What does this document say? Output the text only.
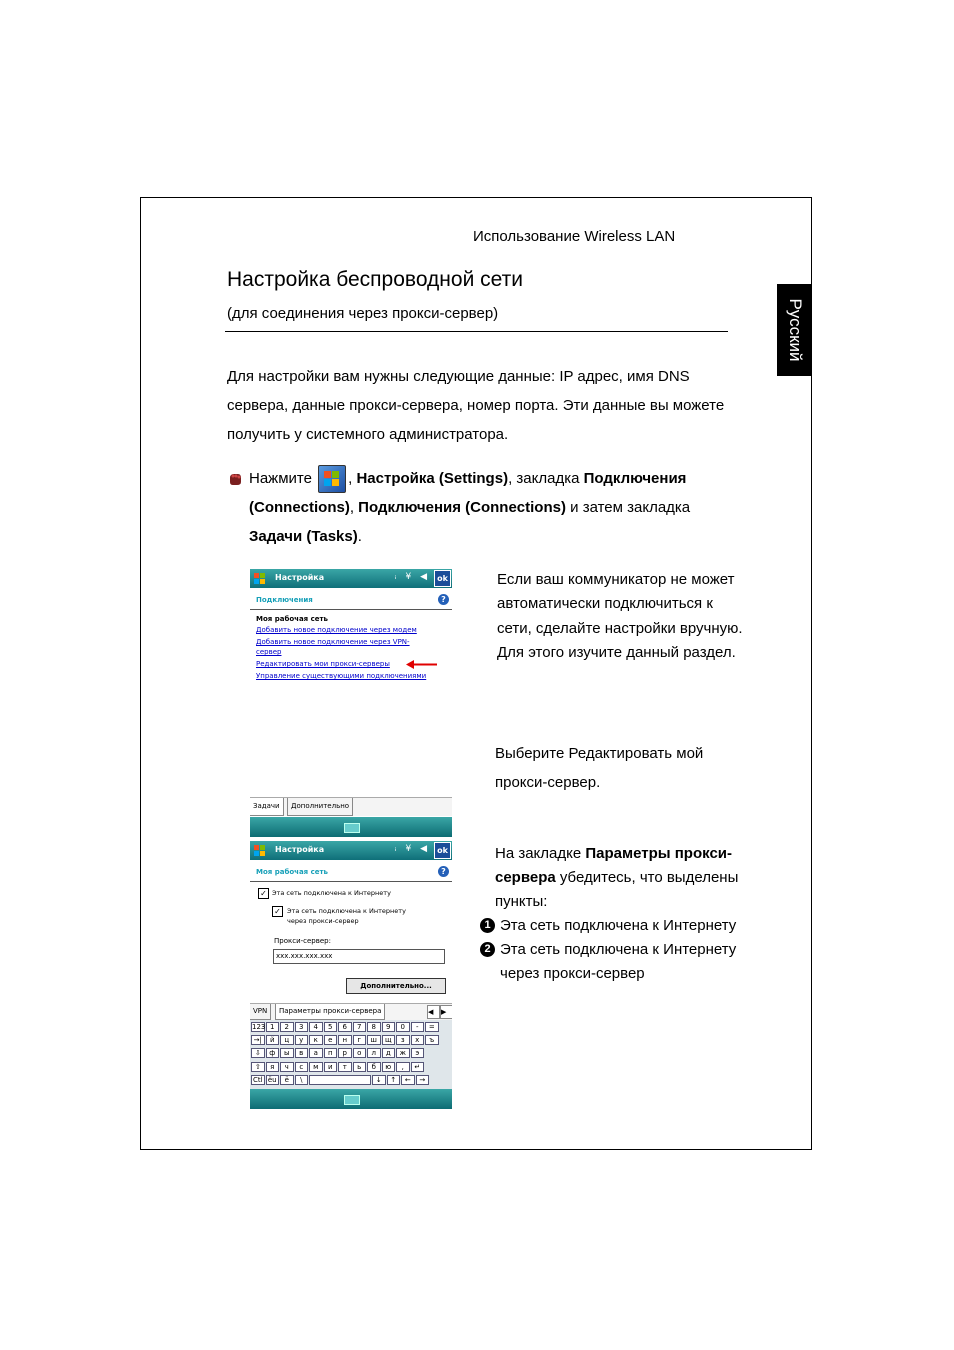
Использование Wireless LAN
Настройка беспроводной сети
(для соединения через прокси-сервер)	Русский
Для настройки вам нужны следующие данные: IP адрес, имя DNS сервера, данные прокси-сервера, номер порта. Эти данные вы можете получить у системного администратора.
Нажмите , Настройка (Settings), закладка Подключения (Connections), Подключения (Connections) и затем закладка Задачи (Tasks).
Если ваш коммуникатор не может автоматически подключиться к сети, сделайте настройки вручную. Для этого изучите данный раздел.
Выберите Редактировать мой прокси-сервер.
На закладке Параметры прокси-сервера убедитесь, что выделены пункты:
1 Эта сеть подключена к Интернету
2 Эта сеть подключена к Интернету через прокси-сервер
Настройка	ꜟ ¥ ◀ ok
Подключения	?
Моя рабочая сеть
Добавить новое подключение через модем
Добавить новое подключение через VPN-
сервер
Редактировать мои прокси-серверы
Управление существующими подключениями
Задачи	Дополнительно
Настройка	ꜟ ¥ ◀ ok
Моя рабочая сеть	?
✓ Эта сеть подключена к Интернету
✓ Эта сеть подключена к Интернету
через прокси-сервер
Прокси-сервер:
xxx.xxx.xxx.xxx
Дополнительно...
VPN	Параметры прокси-сервера	◀	▶
123 1	2	3	4	5	6	7	8	9	0	-	=
→|	й	ц	у	к	е	н	г	ш	щ	з	х	ъ
⇩	ф	ы	в	а	п	р	о	л	д	ж	э
⇧	я	ч	с	м	и	т	ь	б	ю	,	↵
Ctl ëu	ё	\	↓	↑	←	→
